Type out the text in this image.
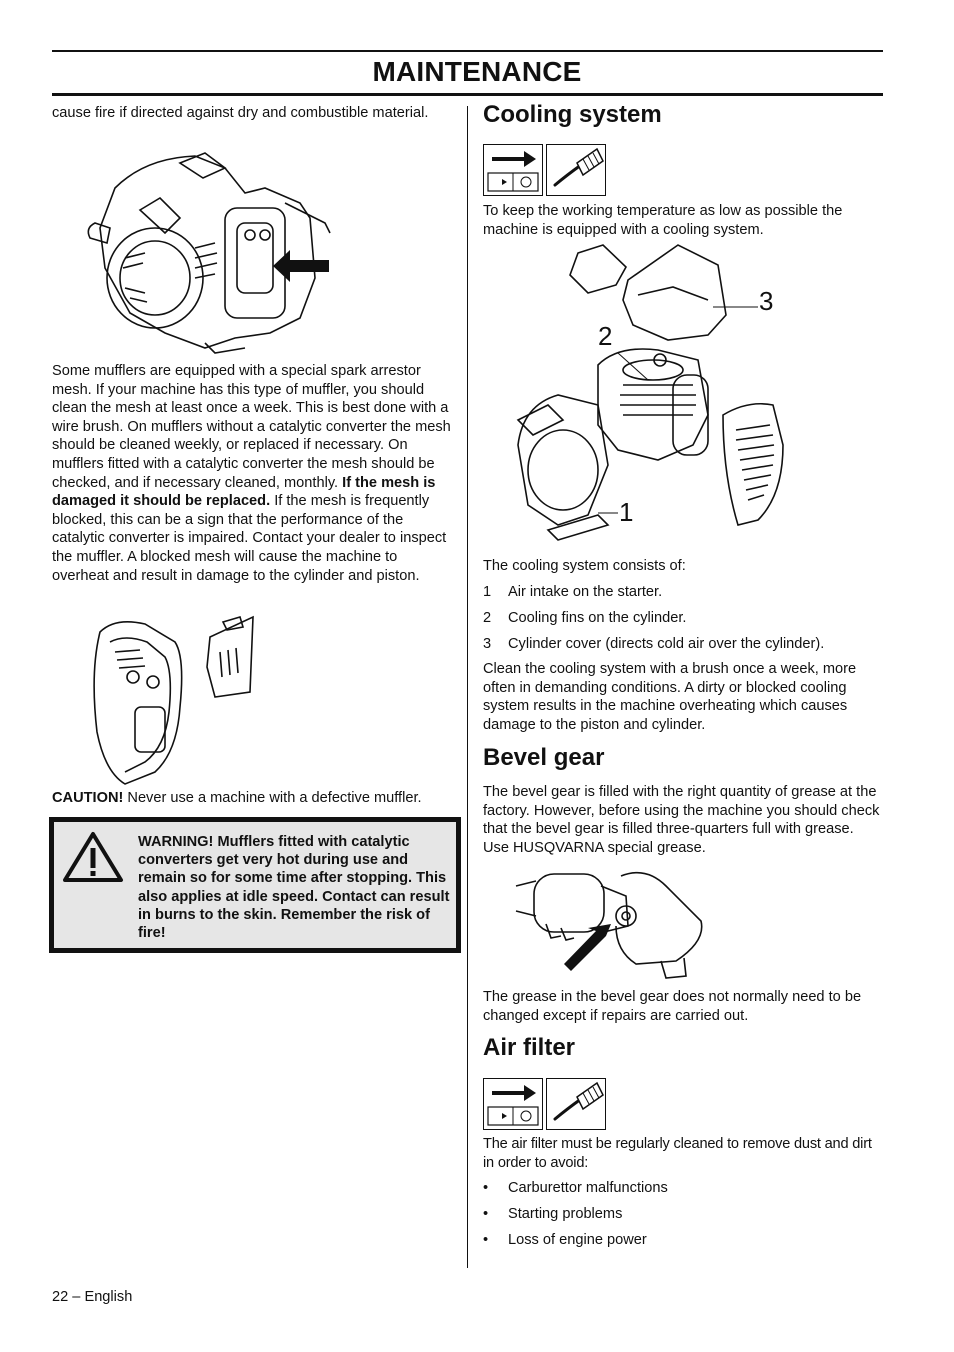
MAINTENANCE

cause fire if directed against dry and combustible material.

Some mufflers are equipped with a special spark arrestor mesh. If your machine has this type of muffler, you should clean the mesh at least once a week. This is best done with a wire brush. On mufflers without a catalytic converter the mesh should be cleaned weekly, or replaced if necessary. On mufflers fitted with a catalytic converter the mesh should be checked, and if necessary cleaned, monthly. If the mesh is damaged it should be replaced. If the mesh is frequently blocked, this can be a sign that the performance of the catalytic converter is impaired. Contact your dealer to inspect the muffler. A blocked mesh will cause the machine to overheat and result in damage to the cylinder and piston.

CAUTION! Never use a machine with a defective muffler.

WARNING! Mufflers fitted with catalytic converters get very hot during use and remain so for some time after stopping. This also applies at idle speed. Contact can result in burns to the skin. Remember the risk of fire!

Cooling system

To keep the working temperature as low as possible the machine is equipped with a cooling system.

3
2
1

The cooling system consists of:

1 Air intake on the starter.
2 Cooling fins on the cylinder.
3 Cylinder cover (directs cold air over the cylinder).

Clean the cooling system with a brush once a week, more often in demanding conditions. A dirty or blocked cooling system results in the machine overheating which causes damage to the piston and cylinder.

Bevel gear

The bevel gear is filled with the right quantity of grease at the factory. However, before using the machine you should check that the bevel gear is filled three-quarters full with grease. Use HUSQVARNA special grease.

The grease in the bevel gear does not normally need to be changed except if repairs are carried out.

Air filter

The air filter must be regularly cleaned to remove dust and dirt in order to avoid:

• Carburettor malfunctions
• Starting problems
• Loss of engine power
22 – English
